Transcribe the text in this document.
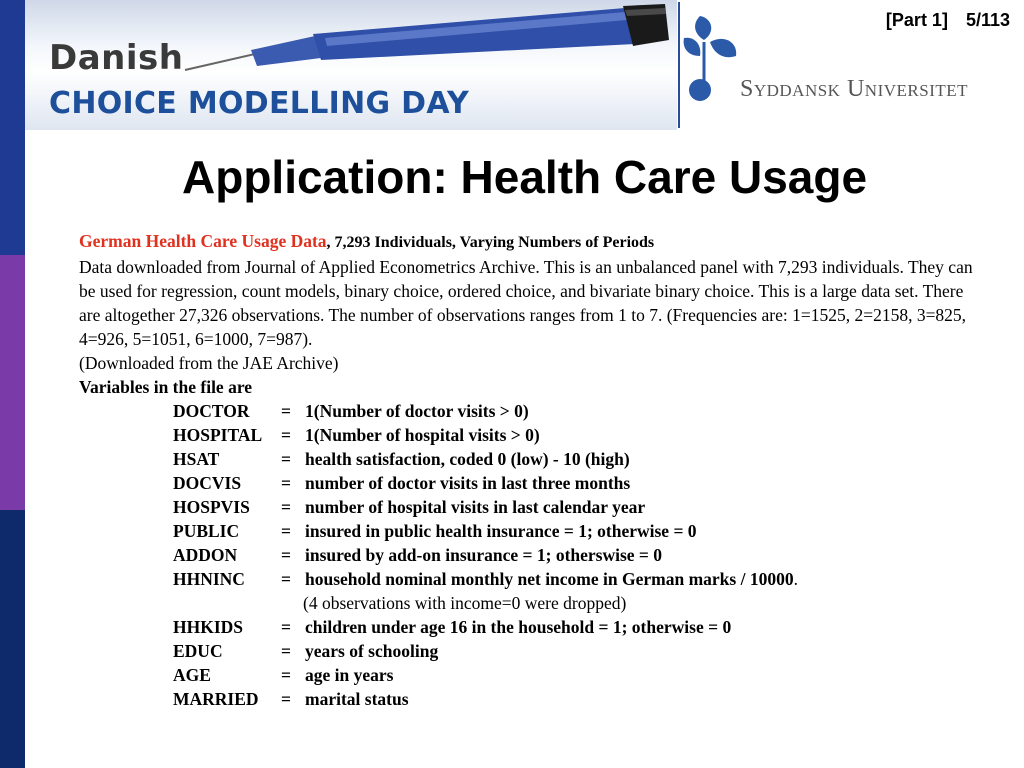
Danish
CHOICE MODELLING DAY	Syddansk Universitet
[Part 1] 5/113
Application: Health Care Usage
German Health Care Usage Data, 7,293 Individuals, Varying Numbers of Periods
Data downloaded from Journal of Applied Econometrics Archive. This is an unbalanced panel with 7,293 individuals. They can be used for regression, count models, binary choice, ordered choice, and bivariate binary choice. This is a large data set. There are altogether 27,326 observations. The number of observations ranges from 1 to 7. (Frequencies are: 1=1525, 2=2158, 3=825, 4=926, 5=1051, 6=1000, 7=987).
(Downloaded from the JAE Archive)
Variables in the file are
DOCTOR	= 1(Number of doctor visits > 0)
HOSPITAL	= 1(Number of hospital visits > 0)
HSAT	= health satisfaction, coded 0 (low) - 10 (high)
DOCVIS	= number of doctor visits in last three months
HOSPVIS	= number of hospital visits in last calendar year
PUBLIC	= insured in public health insurance = 1; otherwise = 0
ADDON	= insured by add-on insurance = 1; otherswise = 0
HHNINC	= household nominal monthly net income in German marks / 10000.
(4 observations with income=0 were dropped)
HHKIDS	= children under age 16 in the household = 1; otherwise = 0
EDUC	= years of schooling
AGE	= age in years
MARRIED	= marital status
